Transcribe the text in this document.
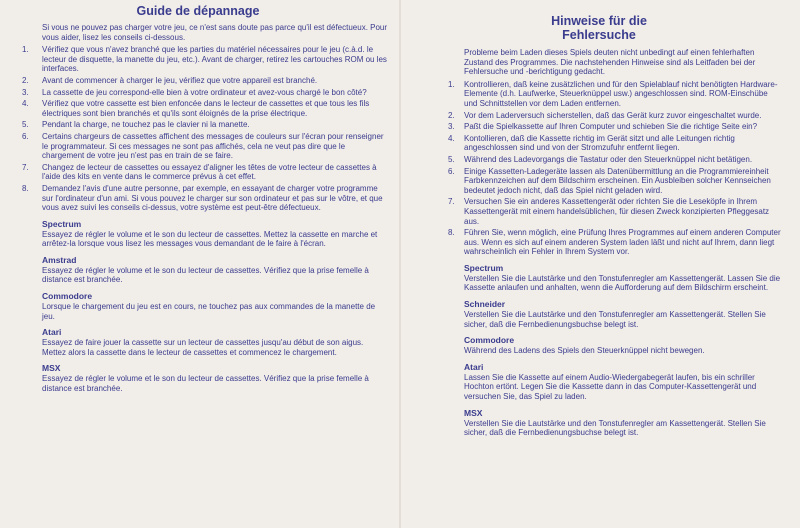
Guide de dépannage

Si vous ne pouvez pas charger votre jeu, ce n'est sans doute pas parce qu'il est défectueux. Pour vous aider, lisez les conseils ci-dessous.

1. Vérifiez que vous n'avez branché que les parties du matériel nécessaires pour le jeu (c.à.d. le lecteur de disquette, la manette du jeu, etc.). Avant de charger, retirez les cartouches ROM ou les interfaces.
2. Avant de commencer à charger le jeu, vérifiez que votre appareil est branché.
3. La cassette de jeu correspond-elle bien à votre ordinateur et avez-vous chargé le bon côté?
4. Vérifiez que votre cassette est bien enfoncée dans le lecteur de cassettes et que tous les fils électriques sont bien branchés et qu'ils sont éloignés de la prise électrique.
5. Pendant la charge, ne touchez pas le clavier ni la manette.
6. Certains chargeurs de cassettes affichent des messages de couleurs sur l'écran pour renseigner le programmateur. Si ces messages ne sont pas affichés, cela ne veut pas dire que le chargement de votre jeu n'est pas en train de se faire.
7. Changez de lecteur de cassettes ou essayez d'aligner les têtes de votre lecteur de cassettes à l'aide des kits en vente dans le commerce prévus à cet effet.
8. Demandez l'avis d'une autre personne, par exemple, en essayant de charger votre programme sur l'ordinateur d'un ami. Si vous pouvez le charger sur son ordinateur et pas sur le vôtre, et que vous avez suivi les conseils ci-dessus, votre système est peut-être défectueux.
Spectrum

Essayez de régler le volume et le son du lecteur de cassettes. Mettez la cassette en marche et arrêtez-la lorsque vous lisez les messages vous demandant de le faire à l'écran.

Amstrad

Essayez de régler le volume et le son du lecteur de cassettes. Vérifiez que la prise femelle à distance est branchée.

Commodore

Lorsque le chargement du jeu est en cours, ne touchez pas aux commandes de la manette de jeu.

Atari

Essayez de faire jouer la cassette sur un lecteur de cassettes jusqu'au début de son aigus. Mettez alors la cassette dans le lecteur de cassettes et commencez le chargement.

MSX

Essayez de régler le volume et le son du lecteur de cassettes. Vérifiez que la prise femelle à distance est branchée.

Hinweise für die
Fehlersuche

Probleme beim Laden dieses Spiels deuten nicht unbedingt auf einen fehlerhaften Zustand des Programmes. Die nachstehenden Hinweise sind als Leitfaden bei der Fehlersuche und -berichtigung gedacht.

1. Kontrollieren, daß keine zusätzlichen und für den Spielablauf nicht benötigten Hardware-Elemente (d.h. Laufwerke, Steuerknüppel usw.) angeschlossen sind. ROM-Einschübe und Schnittstellen vor dem Laden entfernen.
2. Vor dem Laderversuch sicherstellen, daß das Gerät kurz zuvor eingeschaltet wurde.
3. Paßt die Spielkassette auf Ihren Computer und schieben Sie die richtige Seite ein?
4. Kontollieren, daß die Kassette richtig im Gerät sitzt und alle Leitungen richtig angeschlossen sind und von der Stromzufuhr entfernt liegen.
5. Während des Ladevorgangs die Tastatur oder den Steuerknüppel nicht betätigen.
6. Einige Kassetten-Ladegeräte lassen als Datenübermittlung an die Programmiereinheit Farbkennzeichen auf dem Bildschirm erscheinen. Ein Ausbleiben solcher Kennseichen bedeutet jedoch nicht, daß das Spiel nicht geladen wird.
7. Versuchen Sie ein anderes Kassettengerät oder richten Sie die Leseköpfe in Ihrem Kassettengerät mit einem handelsüblichen, für diesen Zweck konzipierten Pfleggesatz aus.
8. Führen Sie, wenn möglich, eine Prüfung Ihres Programmes auf einem anderen Computer aus. Wenn es sich auf einem anderen System laden läßt und nicht auf Ihrem, dann liegt wahrscheinlich ein Fehler in Ihrem System vor.
Spectrum

Verstellen Sie die Lautstärke und den Tonstufenregler am Kassettengerät. Lassen Sie die Kassette anlaufen und anhalten, wenn die Aufforderung auf dem Bildschirm erscheint.

Schneider

Verstellen Sie die Lautstärke und den Tonstufenregler am Kassettengerät. Stellen Sie sicher, daß die Fernbedienungsbuchse belegt ist.

Commodore

Während des Ladens des Spiels den Steuerknüppel nicht bewegen.

Atari

Lassen Sie die Kassette auf einem Audio-Wiedergabegerät laufen, bis ein schriller Hochton ertönt. Legen Sie die Kassette dann in das Computer-Kassettengerät und versuchen Sie, das Spiel zu laden.

MSX

Verstellen Sie die Lautstärke und den Tonstufenregler am Kassettengerät. Stellen Sie sicher, daß die Fernbedienungsbuchse belegt ist.
